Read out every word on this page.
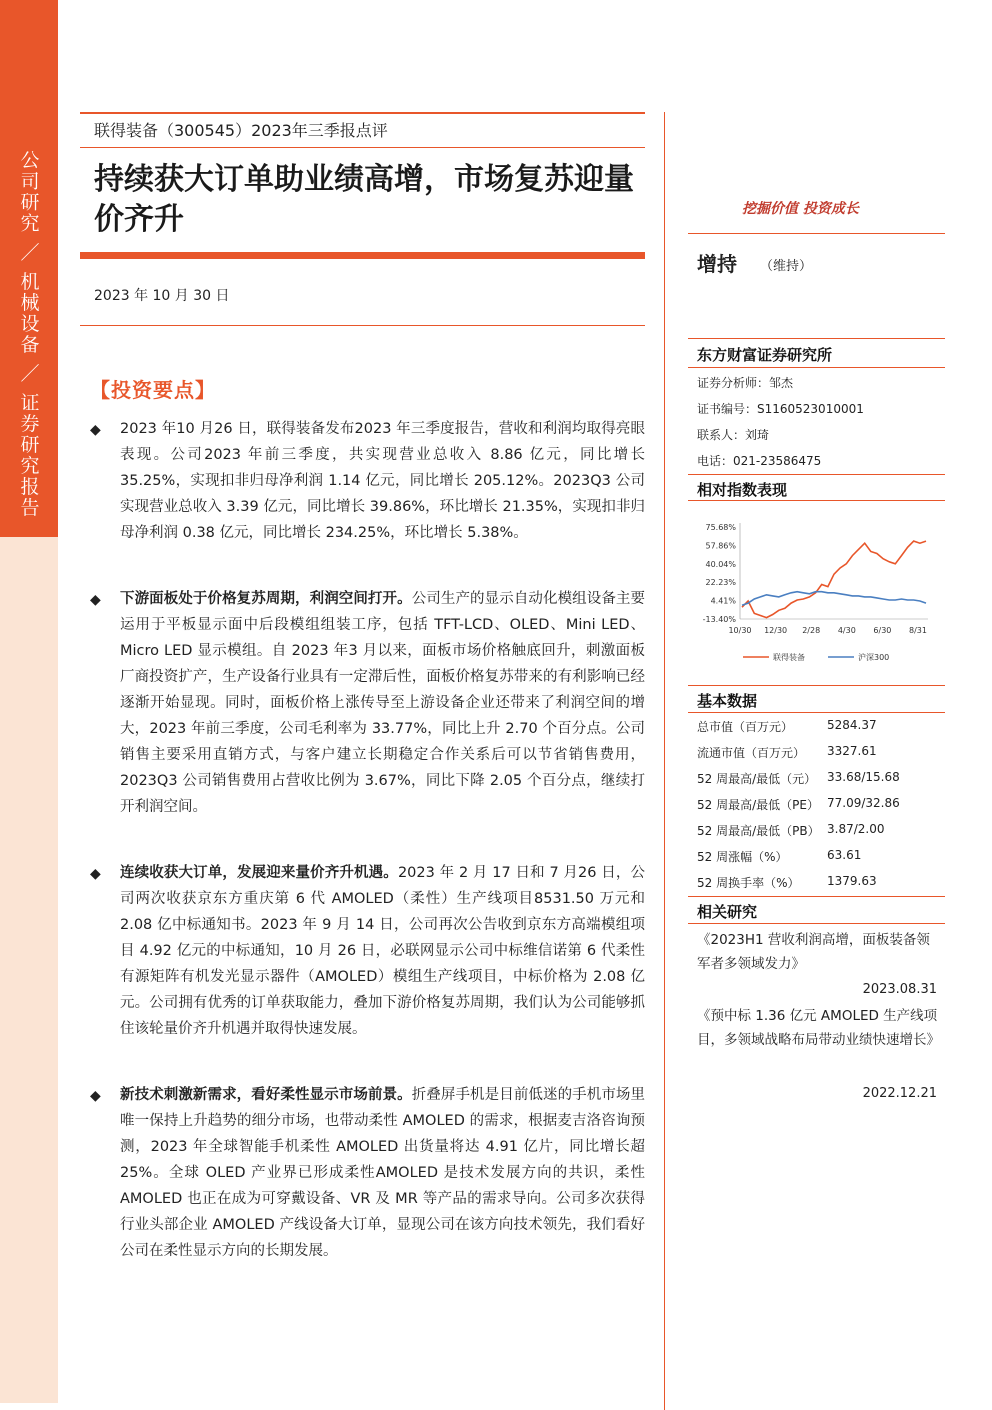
公司研究 ／ 机械设备 ／ 证券研究报告
联得装备（300545）2023年三季报点评
持续获大订单助业绩高增，市场复苏迎量价齐升
2023 年 10 月 30 日
【投资要点】
◆ 2023 年10 月26 日，联得装备发布2023 年三季度报告，营收和利润均取得亮眼表现。公司2023 年前三季度，共实现营业总收入 8.86 亿元，同比增长 35.25%，实现扣非归母净利润 1.14 亿元，同比增长 205.12%。2023Q3 公司实现营业总收入 3.39 亿元，同比增长 39.86%，环比增长 21.35%，实现扣非归母净利润 0.38 亿元，同比增长 234.25%，环比增长 5.38%。
◆ 下游面板处于价格复苏周期，利润空间打开。公司生产的显示自动化模组设备主要运用于平板显示面中后段模组组装工序，包括 TFT-LCD、OLED、Mini LED、Micro LED 显示模组。自 2023 年3 月以来，面板市场价格触底回升，刺激面板厂商投资扩产，生产设备行业具有一定滞后性，面板价格复苏带来的有利影响已经逐渐开始显现。同时，面板价格上涨传导至上游设备企业还带来了利润空间的增大，2023 年前三季度，公司毛利率为 33.77%，同比上升 2.70 个百分点。公司销售主要采用直销方式，与客户建立长期稳定合作关系后可以节省销售费用， 2023Q3 公司销售费用占营收比例为 3.67%，同比下降 2.05 个百分点，继续打开利润空间。
◆ 连续收获大订单，发展迎来量价齐升机遇。2023 年 2 月 17 日和 7 月26 日，公司两次收获京东方重庆第 6 代 AMOLED（柔性）生产线项目8531.50 万元和 2.08 亿中标通知书。2023 年 9 月 14 日，公司再次公告收到京东方高端模组项目 4.92 亿元的中标通知，10 月 26 日，必联网显示公司中标维信诺第 6 代柔性有源矩阵有机发光显示器件（AMOLED）模组生产线项目，中标价格为 2.08 亿元。公司拥有优秀的订单获取能力，叠加下游价格复苏周期，我们认为公司能够抓住该轮量价齐升机遇并取得快速发展。
◆ 新技术刺激新需求，看好柔性显示市场前景。折叠屏手机是目前低迷的手机市场里唯一保持上升趋势的细分市场，也带动柔性 AMOLED 的需求，根据麦吉洛咨询预测，2023 年全球智能手机柔性 AMOLED 出货量将达 4.91 亿片，同比增长超 25%。全球 OLED 产业界已形成柔性AMOLED 是技术发展方向的共识，柔性 AMOLED 也正在成为可穿戴设备、VR 及 MR 等产品的需求导向。公司多次获得行业头部企业 AMOLED 产线设备大订单，显现公司在该方向技术领先，我们看好公司在柔性显示方向的长期发展。
挖掘价值 投资成长
增持 （维持）
东方财富证券研究所
证券分析师：邹杰
证书编号：S1160523010001
联系人：刘琦
电话：021-23586475
相对指数表现
75.68%
57.86%
40.04%
22.23%
4.41%
-13.40%
10/30 12/30 2/28 4/30 6/30 8/31
联得装备	沪深300
基本数据
总市值（百万元）	5284.37
流通市值（百万元） 3327.61
52 周最高/最低（元） 33.68/15.68
52 周最高/最低（PE） 77.09/32.86
52 周最高/最低（PB） 3.87/2.00
52 周涨幅（%）	63.61
52 周换手率（%） 1379.63
相关研究
《2023H1 营收利润高增，面板装备领军者多领域发力》
2023.08.31
《预中标 1.36 亿元 AMOLED 生产线项目，多领域战略布局带动业绩快速增长》
2022.12.21
